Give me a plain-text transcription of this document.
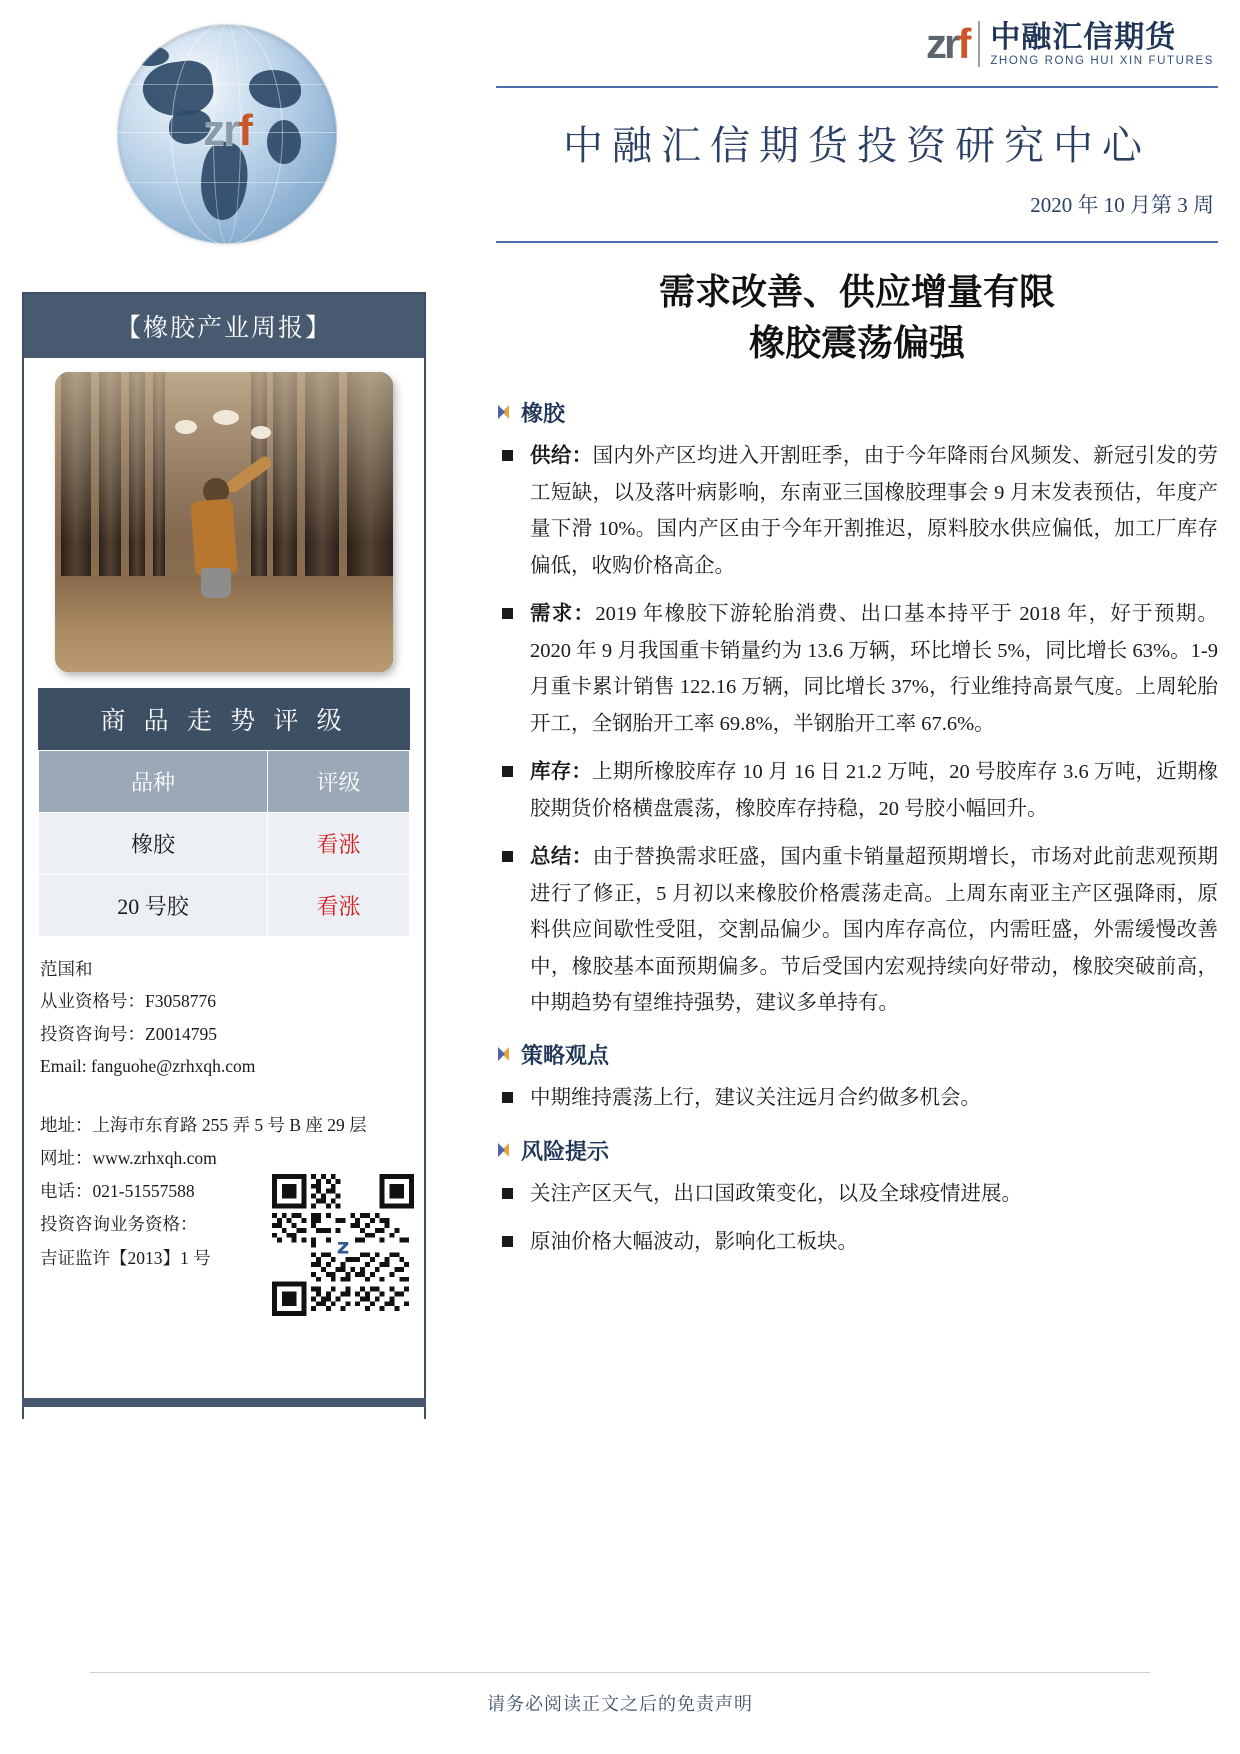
zrf
【橡胶产业周报】
商 品 走 势 评 级
品种	评级
橡胶	看涨
20 号胶	看涨
范国和
从业资格号：F3058776
投资咨询号：Z0014795
Email: fanguohe@zrhxqh.com
地址：上海市东育路 255 弄 5 号 B 座 29 层
网址：www.zrhxqh.com
电话：021-51557588
投资咨询业务资格：
吉证监许【2013】1 号	z
zrf 中融汇信期货
ZHONG RONG HUI XIN FUTURES
中融汇信期货投资研究中心
2020 年 10 月第 3 周
需求改善、供应增量有限
橡胶震荡偏强
橡胶
供给：国内外产区均进入开割旺季，由于今年降雨台风频发、新冠引发的劳工短缺，以及落叶病影响，东南亚三国橡胶理事会 9 月末发表预估，年度产量下滑 10%。国内产区由于今年开割推迟，原料胶水供应偏低，加工厂库存偏低，收购价格高企。
需求：2019 年橡胶下游轮胎消费、出口基本持平于 2018 年，好于预期。2020 年 9 月我国重卡销量约为 13.6 万辆，环比增长 5%，同比增长 63%。1-9 月重卡累计销售 122.16 万辆，同比增长 37%，行业维持高景气度。上周轮胎开工，全钢胎开工率 69.8%，半钢胎开工率 67.6%。
库存：上期所橡胶库存 10 月 16 日 21.2 万吨，20 号胶库存 3.6 万吨，近期橡胶期货价格横盘震荡，橡胶库存持稳，20 号胶小幅回升。
总结：由于替换需求旺盛，国内重卡销量超预期增长，市场对此前悲观预期进行了修正，5 月初以来橡胶价格震荡走高。上周东南亚主产区强降雨，原料供应间歇性受阻，交割品偏少。国内库存高位，内需旺盛，外需缓慢改善中，橡胶基本面预期偏多。节后受国内宏观持续向好带动，橡胶突破前高，中期趋势有望维持强势，建议多单持有。
策略观点
中期维持震荡上行，建议关注远月合约做多机会。
风险提示
关注产区天气，出口国政策变化，以及全球疫情进展。
原油价格大幅波动，影响化工板块。
请务必阅读正文之后的免责声明
